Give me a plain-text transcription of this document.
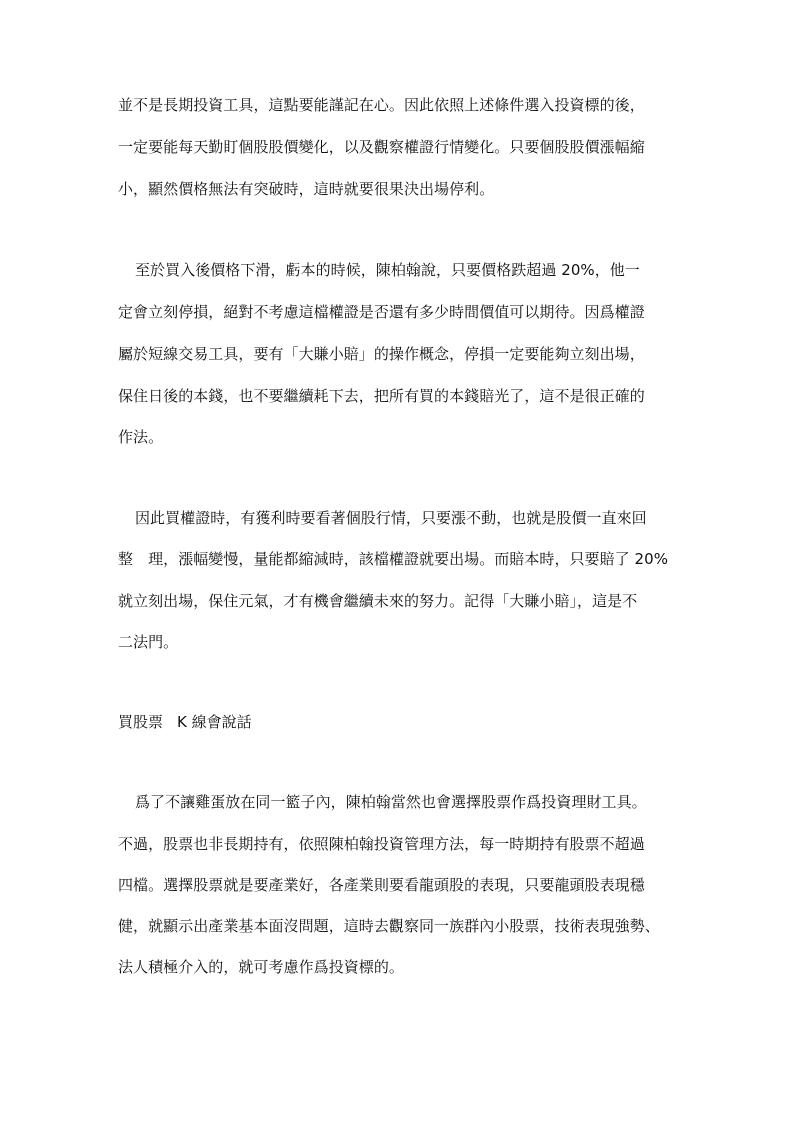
並不是長期投資工具，這點要能謹記在心。因此依照上述條件選入投資標的後，
一定要能每天勤盯個股股價變化，以及觀察權證行情變化。只要個股股價漲幅縮
小，顯然價格無法有突破時，這時就要很果決出場停利。
至於買入後價格下滑，虧本的時候，陳柏翰說，只要價格跌超過 20%，他一
定會立刻停損，絕對不考慮這檔權證是否還有多少時間價值可以期待。因爲權證
屬於短線交易工具，要有「大賺小賠」的操作概念，停損一定要能夠立刻出場，
保住日後的本錢，也不要繼續耗下去，把所有買的本錢賠光了，這不是很正確的
作法。
因此買權證時，有獲利時要看著個股行情，只要漲不動，也就是股價一直來回
整　理，漲幅變慢，量能都縮減時，該檔權證就要出場。而賠本時，只要賠了 20%
就立刻出場，保住元氣，才有機會繼續未來的努力。記得「大賺小賠」，這是不
二法門。
買股票 K 線會說話
爲了不讓雞蛋放在同一籃子內，陳柏翰當然也會選擇股票作爲投資理財工具。
不過，股票也非長期持有，依照陳柏翰投資管理方法，每一時期持有股票不超過
四檔。選擇股票就是要產業好，各產業則要看龍頭股的表現，只要龍頭股表現穩
健，就顯示出產業基本面沒問題，這時去觀察同一族群內小股票，技術表現強勢、
法人積極介入的，就可考慮作爲投資標的。
